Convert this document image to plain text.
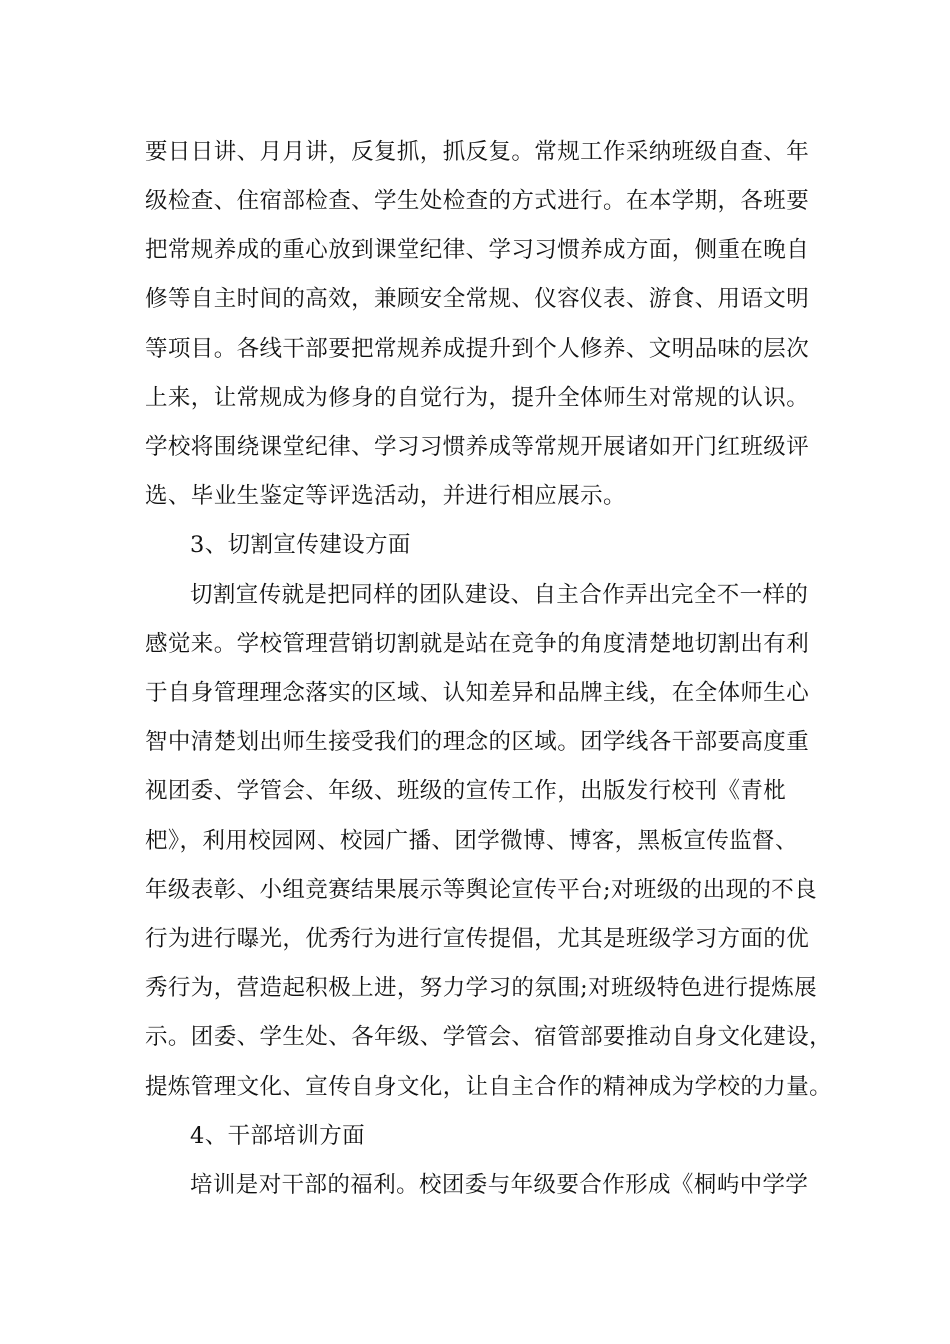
要日日讲、月月讲，反复抓，抓反复。常规工作采纳班级自查、年
级检查、住宿部检查、学生处检查的方式进行。在本学期，各班要
把常规养成的重心放到课堂纪律、学习习惯养成方面，侧重在晚自
修等自主时间的高效，兼顾安全常规、仪容仪表、游食、用语文明
等项目。各线干部要把常规养成提升到个人修养、文明品味的层次
上来，让常规成为修身的自觉行为，提升全体师生对常规的认识。
学校将围绕课堂纪律、学习习惯养成等常规开展诸如开门红班级评
选、毕业生鉴定等评选活动，并进行相应展示。
3、切割宣传建设方面
切割宣传就是把同样的团队建设、自主合作弄出完全不一样的
感觉来。学校管理营销切割就是站在竞争的角度清楚地切割出有利
于自身管理理念落实的区域、认知差异和品牌主线，在全体师生心
智中清楚划出师生接受我们的理念的区域。团学线各干部要高度重
视团委、学管会、年级、班级的宣传工作，出版发行校刊《青枇
杷》，利用校园网、校园广播、团学微博、博客，黑板宣传监督、
年级表彰、小组竞赛结果展示等舆论宣传平台;对班级的出现的不良
行为进行曝光，优秀行为进行宣传提倡，尤其是班级学习方面的优
秀行为，营造起积极上进，努力学习的氛围;对班级特色进行提炼展
示。团委、学生处、各年级、学管会、宿管部要推动自身文化建设，
提炼管理文化、宣传自身文化，让自主合作的精神成为学校的力量。
4、干部培训方面
培训是对干部的福利。校团委与年级要合作形成《桐屿中学学
